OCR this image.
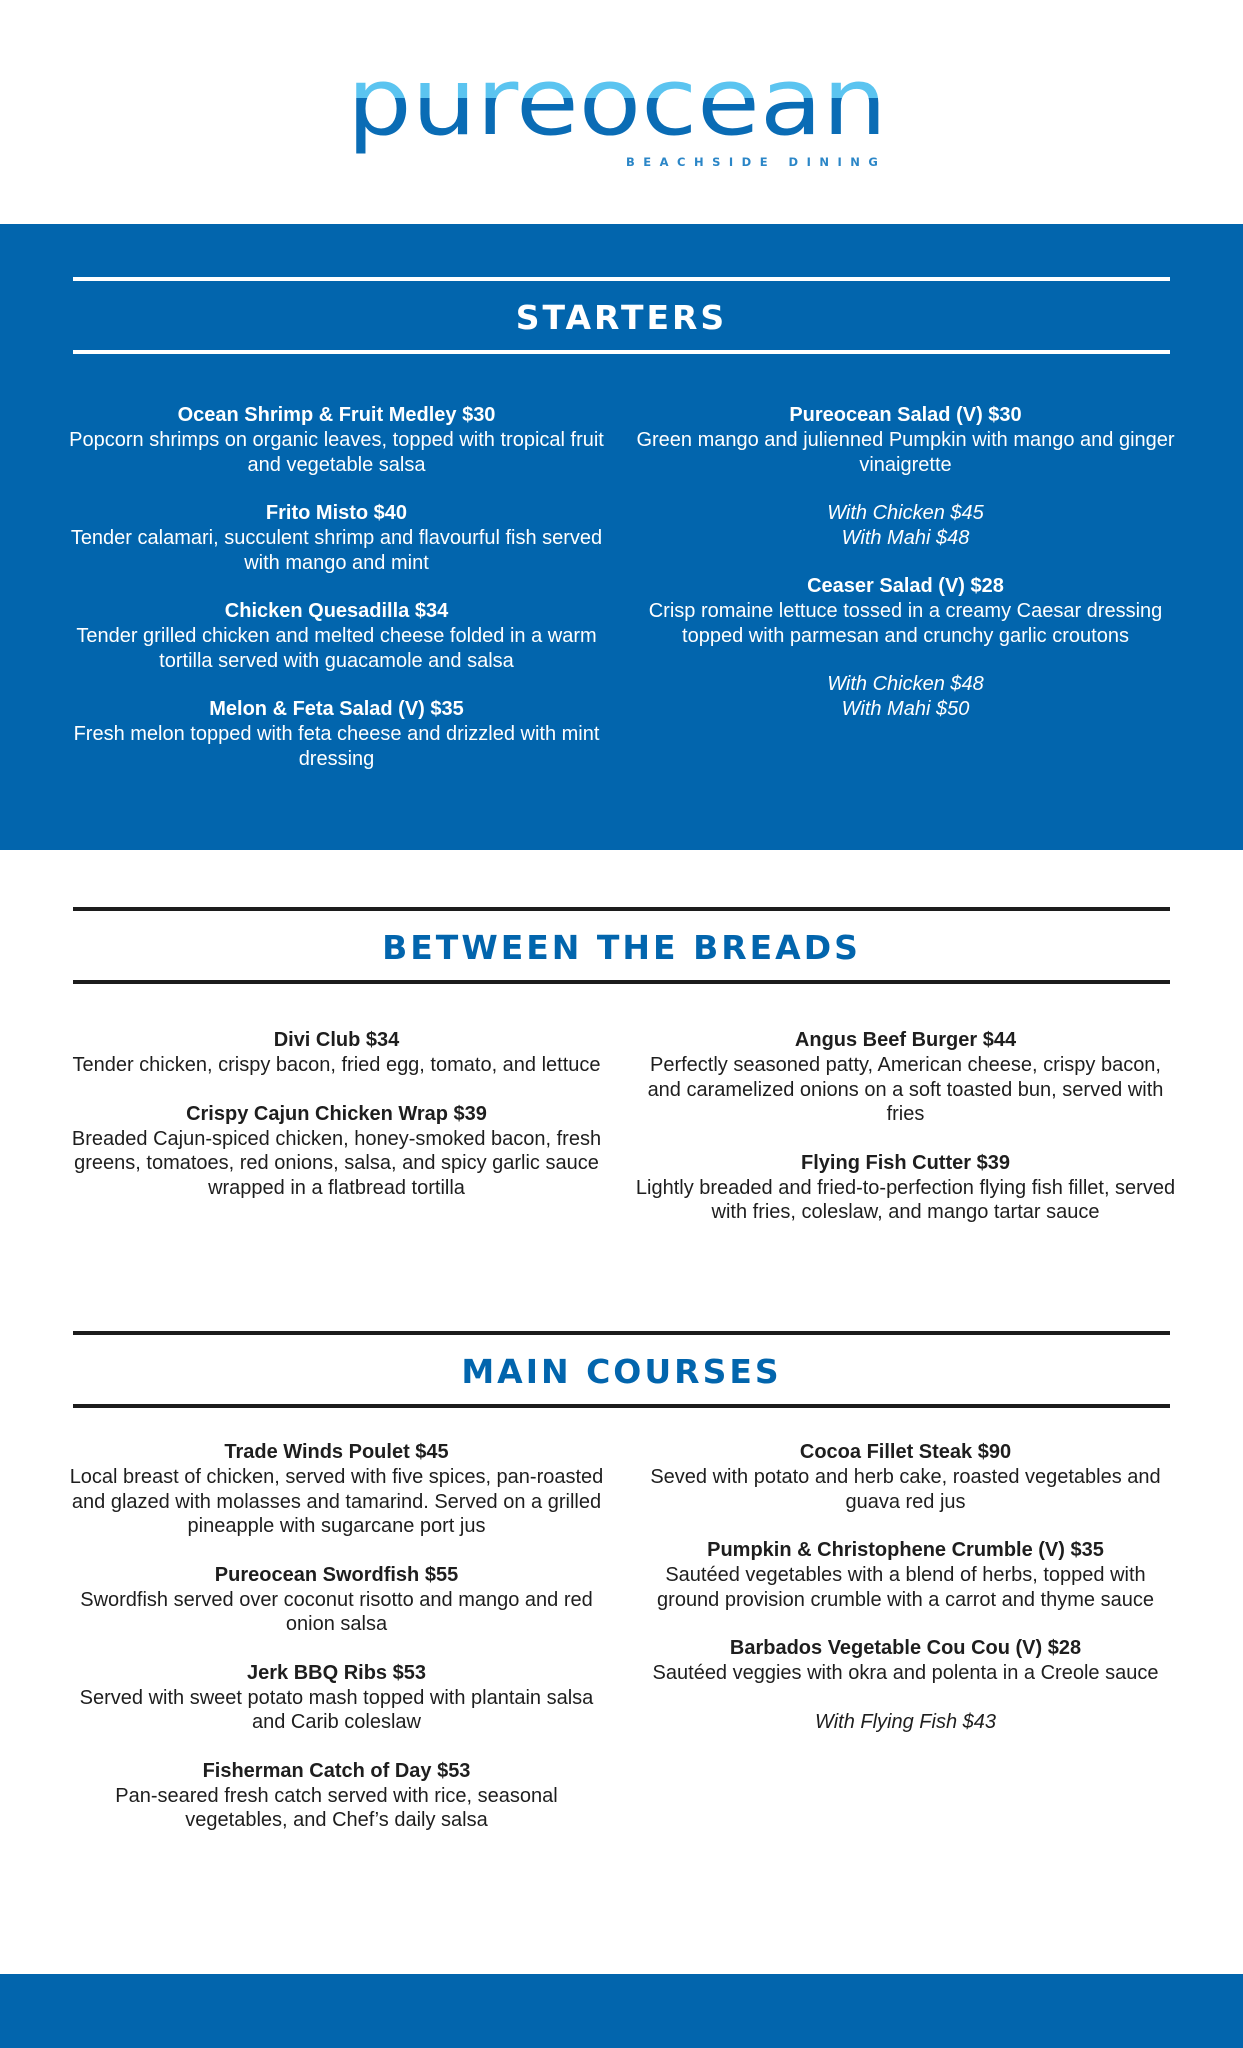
pureocean
BEACHSIDE DINING
STARTERS
Ocean Shrimp & Fruit Medley $30
Popcorn shrimps on organic leaves, topped with tropical fruit and vegetable salsa
Frito Misto $40
Tender calamari, succulent shrimp and flavourful fish served with mango and mint
Chicken Quesadilla $34
Tender grilled chicken and melted cheese folded in a warm tortilla served with guacamole and salsa
Melon & Feta Salad (V) $35
Fresh melon topped with feta cheese and drizzled with mint dressing
Pureocean Salad (V) $30
Green mango and julienned Pumpkin with mango and ginger vinaigrette
With Chicken $45
With Mahi $48
Ceaser Salad (V) $28
Crisp romaine lettuce tossed in a creamy Caesar dressing topped with parmesan and crunchy garlic croutons
With Chicken $48
With Mahi $50
BETWEEN THE BREADS
Divi Club $34
Tender chicken, crispy bacon, fried egg, tomato, and lettuce
Crispy Cajun Chicken Wrap $39
Breaded Cajun-spiced chicken, honey-smoked bacon, fresh greens, tomatoes, red onions, salsa, and spicy garlic sauce wrapped in a flatbread tortilla
Angus Beef Burger $44
Perfectly seasoned patty, American cheese, crispy bacon, and caramelized onions on a soft toasted bun, served with fries
Flying Fish Cutter $39
Lightly breaded and fried-to-perfection flying fish fillet, served with fries, coleslaw, and mango tartar sauce
MAIN COURSES
Trade Winds Poulet $45
Local breast of chicken, served with five spices, pan-roasted and glazed with molasses and tamarind. Served on a grilled pineapple with sugarcane port jus
Pureocean Swordfish $55
Swordfish served over coconut risotto and mango and red onion salsa
Jerk BBQ Ribs $53
Served with sweet potato mash topped with plantain salsa and Carib coleslaw
Fisherman Catch of Day $53
Pan-seared fresh catch served with rice, seasonal vegetables, and Chef’s daily salsa
Cocoa Fillet Steak $90
Seved with potato and herb cake, roasted vegetables and guava red jus
Pumpkin & Christophene Crumble (V) $35
Sautéed vegetables with a blend of herbs, topped with ground provision crumble with a carrot and thyme sauce
Barbados Vegetable Cou Cou (V) $28
Sautéed veggies with okra and polenta in a Creole sauce
With Flying Fish $43
